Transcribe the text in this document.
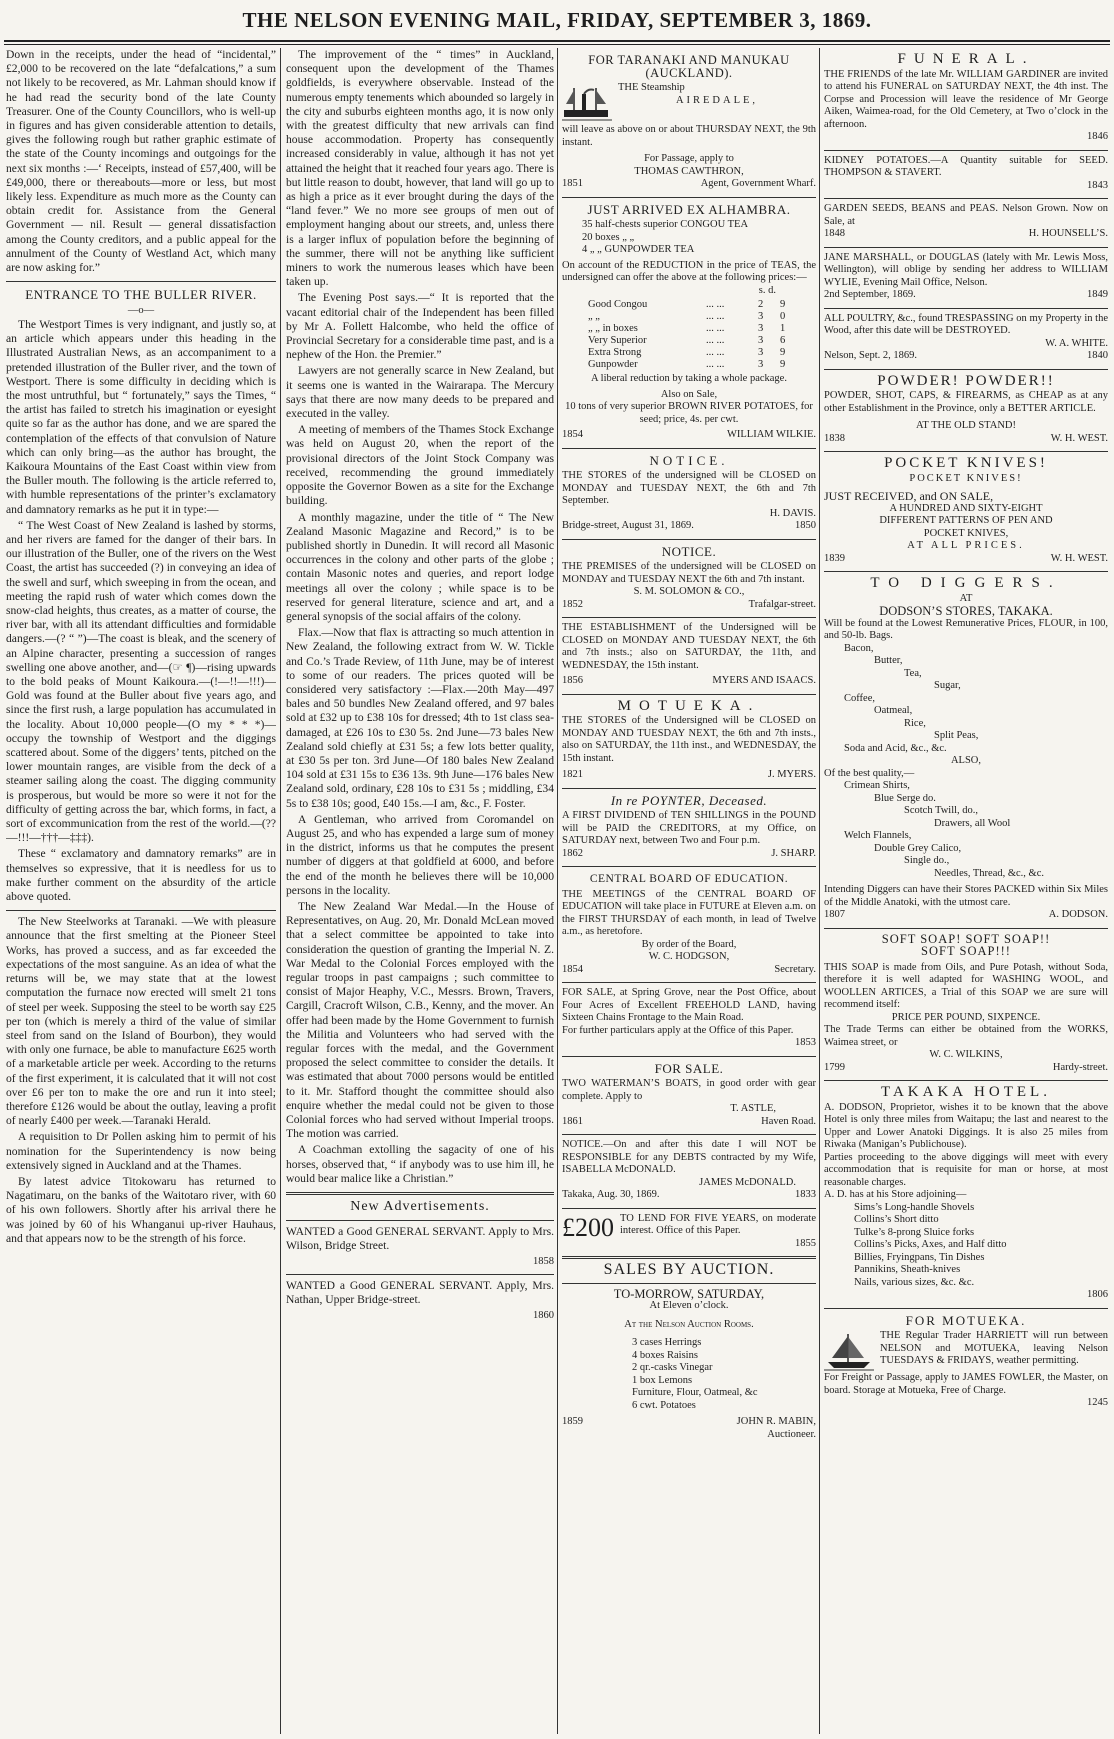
THE NELSON EVENING MAIL, FRIDAY, SEPTEMBER 3, 1869.

Down in the receipts, under the head of “incidental,” £2,000 to be recovered on the late “defalcations,” a sum not likely to be recovered, as Mr. Lahman should know if he had read the security bond of the late County Treasurer. One of the County Councillors, who is well-up in figures and has given considerable attention to details, gives the following rough but rather graphic estimate of the state of the County incomings and outgoings for the next six months :—‘ Receipts, instead of £57,400, will be £49,000, there or thereabouts—more or less, but most likely less. Expenditure as much more as the County can obtain credit for. Assistance from the General Government — nil. Result — general dissatisfaction among the County creditors, and a public appeal for the annulment of the County of Westland Act, which many are now asking for.”

ENTRANCE TO THE BULLER RIVER.
—o—

The Westport Times is very indignant, and justly so, at an article which appears under this heading in the Illustrated Australian News, as an accompaniment to a pretended illustration of the Buller river, and the town of Westport. There is some difficulty in deciding which is the most untruthful, but “ fortunately,” says the Times, “ the artist has failed to stretch his imagination or eyesight quite so far as the author has done, and we are spared the contemplation of the effects of that convulsion of Nature which can only bring—as the author has brought, the Kaikoura Mountains of the East Coast within view from the Buller mouth. The following is the article referred to, with humble representations of the printer’s exclamatory and damnatory remarks as he put it in type:—

“ The West Coast of New Zealand is lashed by storms, and her rivers are famed for the danger of their bars. In our illustration of the Buller, one of the rivers on the West Coast, the artist has succeeded (?) in conveying an idea of the swell and surf, which sweeping in from the ocean, and meeting the rapid rush of water which comes down the snow-clad heights, thus creates, as a matter of course, the river bar, with all its attendant difficulties and formidable dangers.—(? “ ”)—The coast is bleak, and the scenery of an Alpine character, presenting a succession of ranges swelling one above another, and—(☞ ¶)—rising upwards to the bold peaks of Mount Kaikoura.—(!—!!—!!!)—Gold was found at the Buller about five years ago, and since the first rush, a large population has accumulated in the locality. About 10,000 people—(O my * * *)—occupy the township of Westport and the diggings scattered about. Some of the diggers’ tents, pitched on the lower mountain ranges, are visible from the deck of a steamer sailing along the coast. The digging community is prosperous, but would be more so were it not for the difficulty of getting across the bar, which forms, in fact, a sort of excommunication from the rest of the world.—(??—!!!—†††—‡‡‡).

These “ exclamatory and damnatory remarks” are in themselves so expressive, that it is needless for us to make further comment on the absurdity of the article above quoted.

The New Steelworks at Taranaki. —We with pleasure announce that the first smelting at the Pioneer Steel Works, has proved a success, and as far exceeded the expectations of the most sanguine. As an idea of what the returns will be, we may state that at the lowest computation the furnace now erected will smelt 21 tons of steel per week. Supposing the steel to be worth say £25 per ton (which is merely a third of the value of similar steel from sand on the Island of Bourbon), they would with only one furnace, be able to manufacture £625 worth of a marketable article per week. According to the returns of the first experiment, it is calculated that it will not cost over £6 per ton to make the ore and run it into steel; therefore £126 would be about the outlay, leaving a profit of nearly £400 per week.—Taranaki Herald.

A requisition to Dr Pollen asking him to permit of his nomination for the Superintendency is now being extensively signed in Auckland and at the Thames.

By latest advice Titokowaru has returned to Nagatimaru, on the banks of the Waitotaro river, with 60 of his own followers. Shortly after his arrival there he was joined by 60 of his Whanganui up-river Hauhaus, and that appears now to be the strength of his force.

The improvement of the “ times” in Auckland, consequent upon the development of the Thames goldfields, is everywhere observable. Instead of the numerous empty tenements which abounded so largely in the city and suburbs eighteen months ago, it is now only with the greatest difficulty that new arrivals can find house accommodation. Property has consequently increased considerably in value, although it has not yet attained the height that it reached four years ago. There is but little reason to doubt, however, that land will go up to as high a price as it ever brought during the days of the “land fever.” We no more see groups of men out of employment hanging about our streets, and, unless there is a larger influx of population before the beginning of the summer, there will not be anything like sufficient miners to work the numerous leases which have been taken up.

The Evening Post says.—“ It is reported that the vacant editorial chair of the Independent has been filled by Mr A. Follett Halcombe, who held the office of Provincial Secretary for a considerable time past, and is a nephew of the Hon. the Premier.”

Lawyers are not generally scarce in New Zealand, but it seems one is wanted in the Wairarapa. The Mercury says that there are now many deeds to be prepared and executed in the valley.

A meeting of members of the Thames Stock Exchange was held on August 20, when the report of the provisional directors of the Joint Stock Company was received, recommending the ground immediately opposite the Governor Bowen as a site for the Exchange building.

A monthly magazine, under the title of “ The New Zealand Masonic Magazine and Record,” is to be published shortly in Dunedin. It will record all Masonic occurrences in the colony and other parts of the globe ; contain Masonic notes and queries, and report lodge meetings all over the colony ; while space is to be reserved for general literature, science and art, and a general synopsis of the social affairs of the colony.

Flax.—Now that flax is attracting so much attention in New Zealand, the following extract from W. W. Tickle and Co.’s Trade Review, of 11th June, may be of interest to some of our readers. The prices quoted will be considered very satisfactory :—Flax.—20th May—497 bales and 50 bundles New Zealand offered, and 97 bales sold at £32 up to £38 10s for dressed; 4th to 1st class sea-damaged, at £26 10s to £30 5s. 2nd June—73 bales New Zealand sold chiefly at £31 5s; a few lots better quality, at £30 5s per ton. 3rd June—Of 180 bales New Zealand 104 sold at £31 15s to £36 13s. 9th June—176 bales New Zealand sold, ordinary, £28 10s to £31 5s ; middling, £34 5s to £38 10s; good, £40 15s.—I am, &c., F. Foster.

A Gentleman, who arrived from Coromandel on August 25, and who has expended a large sum of money in the district, informs us that he computes the present number of diggers at that goldfield at 6000, and before the end of the month he believes there will be 10,000 persons in the locality.

The New Zealand War Medal.—In the House of Representatives, on Aug. 20, Mr. Donald McLean moved that a select committee be appointed to take into consideration the question of granting the Imperial N. Z. War Medal to the Colonial Forces employed with the regular troops in past campaigns ; such committee to consist of Major Heaphy, V.C., Messrs. Brown, Travers, Cargill, Cracroft Wilson, C.B., Kenny, and the mover. An offer had been made by the Home Government to furnish the Militia and Volunteers who had served with the regular forces with the medal, and the Government proposed the select committee to consider the details. It was estimated that about 7000 persons would be entitled to it. Mr. Stafford thought the committee should also enquire whether the medal could not be given to those Colonial forces who had served without Imperial troops. The motion was carried.

A Coachman extolling the sagacity of one of his horses, observed that, “ if anybody was to use him ill, he would bear malice like a Christian.”

New Advertisements.

WANTED a Good GENERAL SERVANT. Apply to Mrs. Wilson, Bridge Street.

1858

WANTED a Good GENERAL SERVANT. Apply, Mrs. Nathan, Upper Bridge-street.

1860
FOR TARANAKI AND MANUKAU (AUCKLAND).
THE Steamship
AIREDALE,
will leave as above on or about THURSDAY NEXT, the 9th instant.
For Passage, apply to
THOMAS CAWTHRON,
1851	Agent, Government Wharf.
JUST ARRIVED EX ALHAMBRA.
35 half-chests superior CONGOU TEA
20 boxes „ „
4 „ „ GUNPOWDER TEA
On account of the REDUCTION in the price of TEAS, the undersigned can offer the above at the following prices:—
s. d.
Good Congou	... ...	2	9
„ „	... ...	3	0
„ „ in boxes	... ...	3	1
Very Superior	... ...	3	6
Extra Strong	... ...	3	9
Gunpowder	... ...	3	9
A liberal reduction by taking a whole package.
Also on Sale,
10 tons of very superior BROWN RIVER POTATOES, for seed; price, 4s. per cwt.
1854	WILLIAM WILKIE.
NOTICE.
THE STORES of the undersigned will be CLOSED on MONDAY and TUESDAY NEXT, the 6th and 7th September.
H. DAVIS.
Bridge-street, August 31, 1869.	1850
NOTICE.
THE PREMISES of the undersigned will be CLOSED on MONDAY and TUESDAY NEXT the 6th and 7th instant.
S. M. SOLOMON & CO.,
1852	Trafalgar-street.
THE ESTABLISHMENT of the Undersigned will be CLOSED on MONDAY AND TUESDAY NEXT, the 6th and 7th insts.; also on SATURDAY, the 11th, and WEDNESDAY, the 15th instant.
1856	MYERS AND ISAACS.
MOTUEKA.
THE STORES of the Undersigned will be CLOSED on MONDAY AND TUESDAY NEXT, the 6th and 7th insts., also on SATURDAY, the 11th inst., and WEDNESDAY, the 15th instant.
1821	J. MYERS.
In re POYNTER, Deceased.
A FIRST DIVIDEND of TEN SHILLINGS in the POUND will be PAID the CREDITORS, at my Office, on SATURDAY next, between Two and Four p.m.
1862	J. SHARP.
CENTRAL BOARD OF EDUCATION.
THE MEETINGS of the CENTRAL BOARD OF EDUCATION will take place in FUTURE at Eleven a.m. on the FIRST THURSDAY of each month, in lead of Twelve a.m., as heretofore.
By order of the Board,
W. C. HODGSON,
1854	Secretary.
FOR SALE, at Spring Grove, near the Post Office, about Four Acres of Excellent FREEHOLD LAND, having Sixteen Chains Frontage to the Main Road.
For further particulars apply at the Office of this Paper.
1853
FOR SALE.
TWO WATERMAN’S BOATS, in good order with gear complete. Apply to
T. ASTLE,
1861	Haven Road.
NOTICE.—On and after this date I will NOT be RESPONSIBLE for any DEBTS contracted by my Wife, ISABELLA McDONALD.
JAMES McDONALD.
Takaka, Aug. 30, 1869.	1833
£200 TO LEND FOR FIVE YEARS, on moderate interest. Office of this Paper.
1855
SALES BY AUCTION.
TO-MORROW, SATURDAY,
At Eleven o’clock.
At the Nelson Auction Rooms.
3 cases Herrings
4 boxes Raisins
2 qr.-casks Vinegar
1 box Lemons
Furniture, Flour, Oatmeal, &c
6 cwt. Potatoes
1859	JOHN R. MABIN,
Auctioneer.
FUNERAL.
THE FRIENDS of the late Mr. WILLIAM GARDINER are invited to attend his FUNERAL on SATURDAY NEXT, the 4th inst. The Corpse and Procession will leave the residence of Mr George Aiken, Waimea-road, for the Old Cemetery, at Two o’clock in the afternoon.
1846
KIDNEY POTATOES.—A Quantity suitable for SEED. THOMPSON & STAVERT.
1843
GARDEN SEEDS, BEANS and PEAS. Nelson Grown. Now on Sale, at
1848	H. HOUNSELL’S.
JANE MARSHALL, or DOUGLAS (lately with Mr. Lewis Moss, Wellington), will oblige by sending her address to WILLIAM WYLIE, Evening Mail Office, Nelson.
2nd September, 1869.	1849
ALL POULTRY, &c., found TRESPASSING on my Property in the Wood, after this date will be DESTROYED.
W. A. WHITE.
Nelson, Sept. 2, 1869.	1840
POWDER! POWDER!!
POWDER, SHOT, CAPS, & FIREARMS, as CHEAP as at any other Establishment in the Province, only a BETTER ARTICLE.
AT THE OLD STAND!
1838	W. H. WEST.
POCKET KNIVES!
POCKET KNIVES!
JUST RECEIVED, and ON SALE,
A HUNDRED AND SIXTY-EIGHT
DIFFERENT PATTERNS OF PEN AND
POCKET KNIVES,
AT ALL PRICES.
1839	W. H. WEST.
TO DIGGERS.
AT
DODSON’S STORES, TAKAKA.
Will be found at the Lowest Remunerative Prices, FLOUR, in 100, and 50-lb. Bags.
Bacon,
Butter,
Tea,
Sugar,
Coffee,
Oatmeal,
Rice,
Split Peas,
Soda and Acid, &c., &c.
ALSO,
Of the best quality,—
Crimean Shirts,
Blue Serge do.
Scotch Twill, do.,
Drawers, all Wool
Welch Flannels,
Double Grey Calico,
Single do.,
Needles, Thread, &c., &c.
Intending Diggers can have their Stores PACKED within Six Miles of the Middle Anatoki, with the utmost care.
1807	A. DODSON.
SOFT SOAP! SOFT SOAP!!
SOFT SOAP!!!
THIS SOAP is made from Oils, and Pure Potash, without Soda, therefore it is well adapted for WASHING WOOL, and WOOLLEN ARTICES, a Trial of this SOAP we are sure will recommend itself:
PRICE PER POUND, SIXPENCE.
The Trade Terms can either be obtained from the WORKS, Waimea street, or
W. C. WILKINS,
1799	Hardy-street.
TAKAKA HOTEL.
A. DODSON, Proprietor, wishes it to be known that the above Hotel is only three miles from Waitapu; the last and nearest to the Upper and Lower Anatoki Diggings. It is also 25 miles from Riwaka (Manigan’s Publichouse).
Parties proceeding to the above diggings will meet with every accommodation that is requisite for man or horse, at most reasonable charges.
A. D. has at his Store adjoining—
Sims’s Long-handle Shovels
Collins’s Short ditto
Tulke’s 8-prong Sluice forks
Collins’s Picks, Axes, and Half ditto
Billies, Fryingpans, Tin Dishes
Pannikins, Sheath-knives
Nails, various sizes, &c. &c.
1806
FOR MOTUEKA.
THE Regular Trader HARRIETT will run between NELSON and MOTUEKA, leaving Nelson TUESDAYS & FRIDAYS, weather permitting.
For Freight or Passage, apply to JAMES FOWLER, the Master, on board. Storage at Motueka, Free of Charge.
1245
